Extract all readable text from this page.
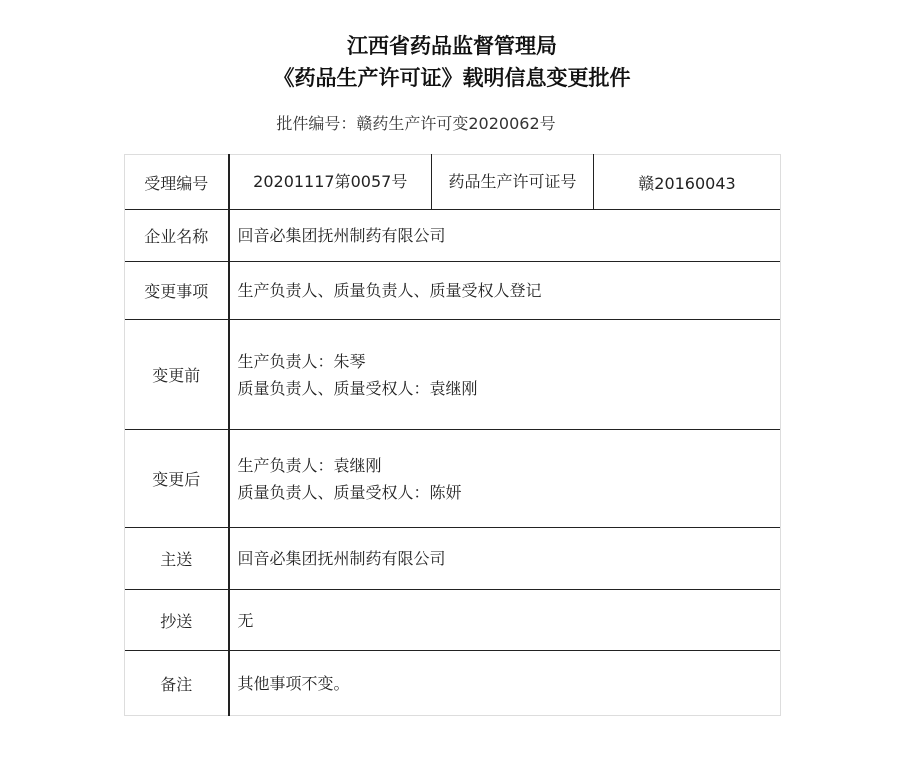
江西省药品监督管理局
《药品生产许可证》载明信息变更批件
批件编号：赣药生产许可变2020062号
受理编号	20201117第0057号	药品生产许可证号	赣20160043
企业名称	回音必集团抚州制药有限公司		
变更事项	生产负责人、质量负责人、质量受权人登记		
变更前	生产负责人：朱琴
质量负责人、质量受权人：袁继刚		

变更后	生产负责人：袁继刚
质量负责人、质量受权人：陈妍		

主送	回音必集团抚州制药有限公司		
抄送	无		
备注	其他事项不变。		
